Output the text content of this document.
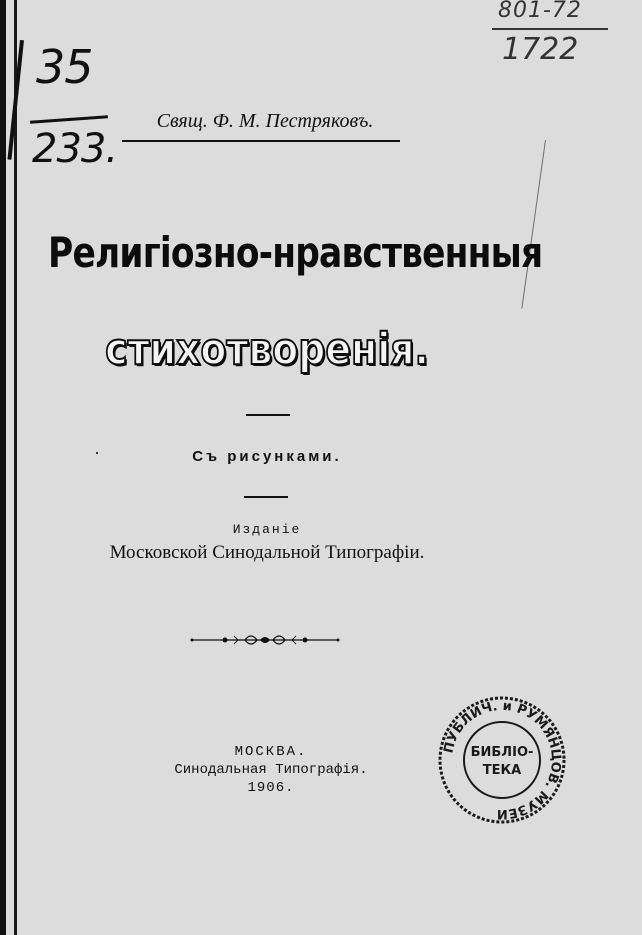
35
233.
801-72
1722
Свящ. Ф. М. Пестряковъ.
Религіозно-нравственныя
стихотворенія.
Съ рисунками.
Изданіе
Московской Синодальной Типографіи.
МОСКВА.
Синодальная Типографія.
1906.
ПУБЛИЧ. и РУМЯНЦОВ. МУЗЕИ
БИБЛІО-
ТЕКА
